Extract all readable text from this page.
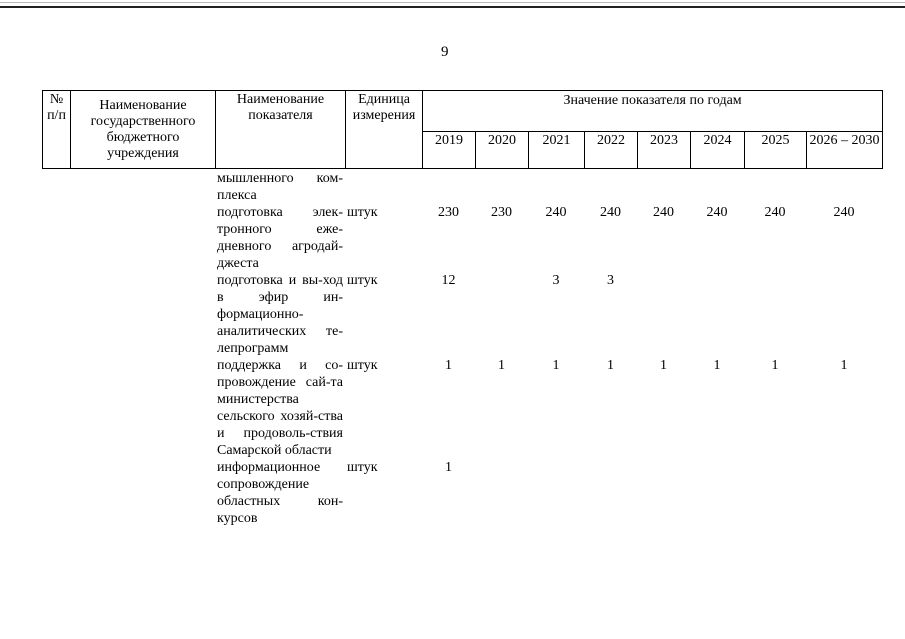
9
№ п/п	Наименование государственного бюджетного учреждения	Наименование показателя	Единица измерения	Значение показателя по годам							
				2019	2020	2021	2022	2023	2024	2025	2026 – 2030
		мышленного ком-плекса									
		подготовка элек-тронного еже-дневного агродай-джеста	штук	230	230	240	240	240	240	240	240
		подготовка и вы-ход в эфир ин-формационно-аналитических те-лепрограмм	штук	12		3	3				
		поддержка и со-провождение сай-та министерства сельского хозяй-ства и продоволь-ствия Самарской области	штук	1	1	1	1	1	1	1	1
		информационное сопровождение областных кон-курсов	штук	1							
